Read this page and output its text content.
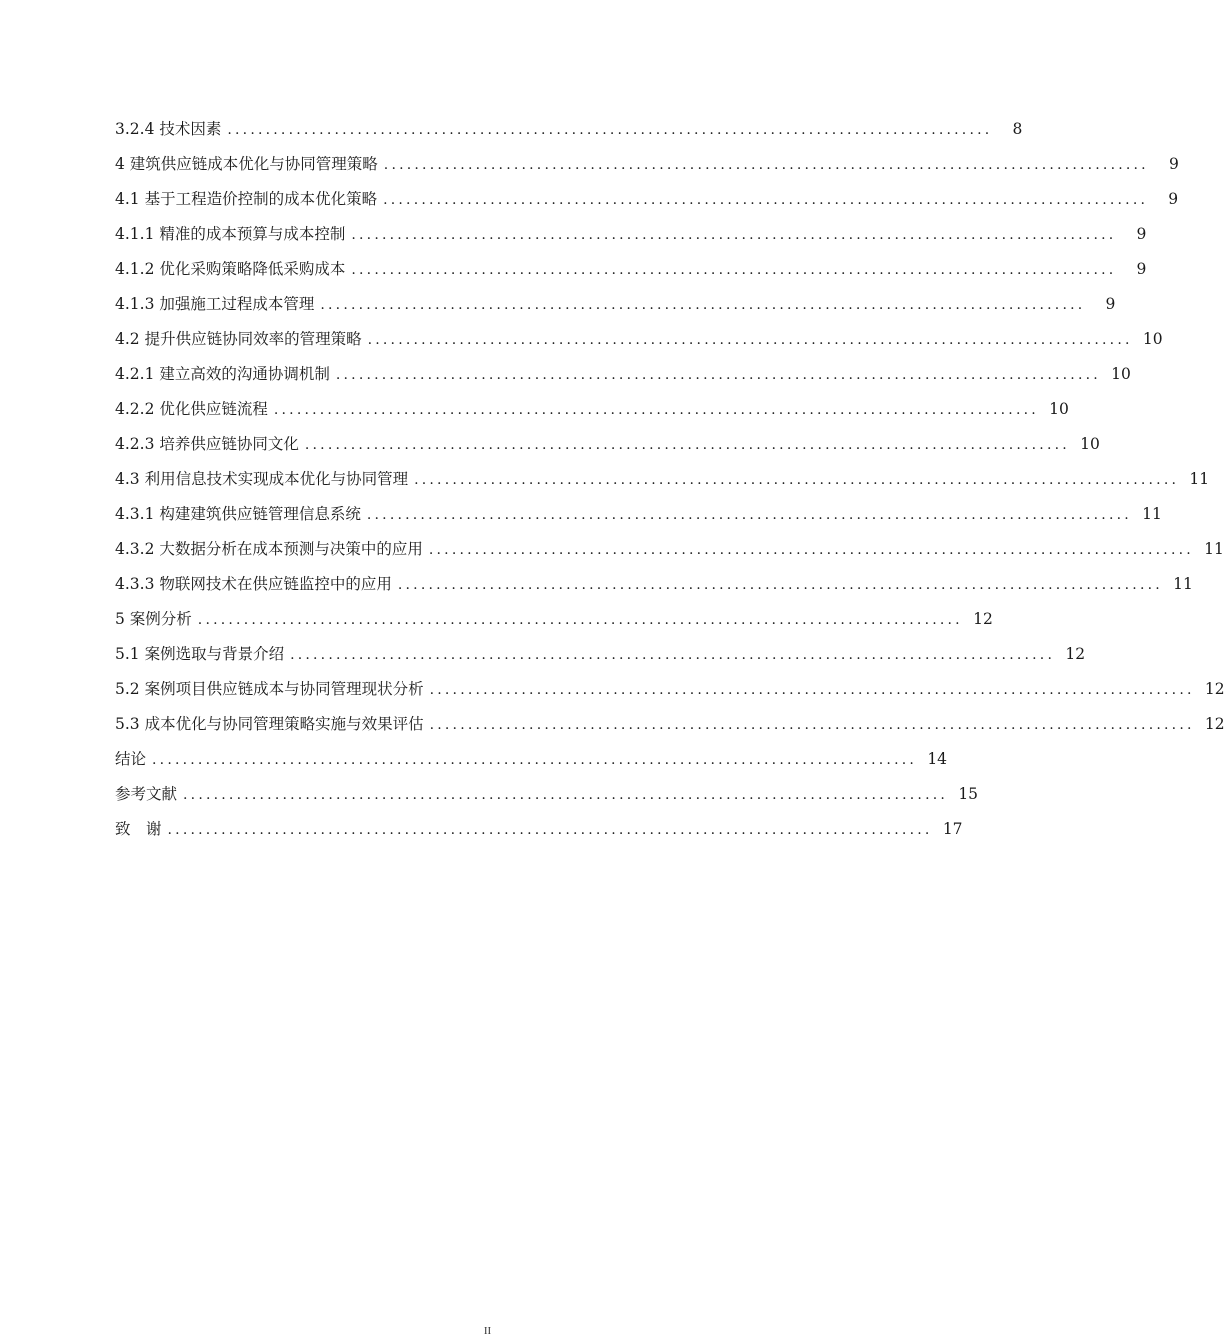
3.2.4 技术因素 ....................................................................................................	8
4 建筑供应链成本优化与协同管理策略 ....................................................................................................	9
4.1 基于工程造价控制的成本优化策略 ....................................................................................................	9
4.1.1 精准的成本预算与成本控制 ....................................................................................................	9
4.1.2 优化采购策略降低采购成本 ....................................................................................................	9
4.1.3 加强施工过程成本管理 ....................................................................................................	9
4.2 提升供应链协同效率的管理策略 .................................................................................................... 10
4.2.1 建立高效的沟通协调机制 .................................................................................................... 10
4.2.2 优化供应链流程 .................................................................................................... 10
4.2.3 培养供应链协同文化 .................................................................................................... 10
4.3 利用信息技术实现成本优化与协同管理 .................................................................................................... 11
4.3.1 构建建筑供应链管理信息系统 .................................................................................................... 11
4.3.2 大数据分析在成本预测与决策中的应用 .................................................................................................... 11
4.3.3 物联网技术在供应链监控中的应用 .................................................................................................... 11
5 案例分析 .................................................................................................... 12
5.1 案例选取与背景介绍 .................................................................................................... 12
5.2 案例项目供应链成本与协同管理现状分析 .................................................................................................... 12
5.3 成本优化与协同管理策略实施与效果评估 .................................................................................................... 12
结论 .................................................................................................... 14
参考文献 .................................................................................................... 15
致　谢 .................................................................................................... 17
II
